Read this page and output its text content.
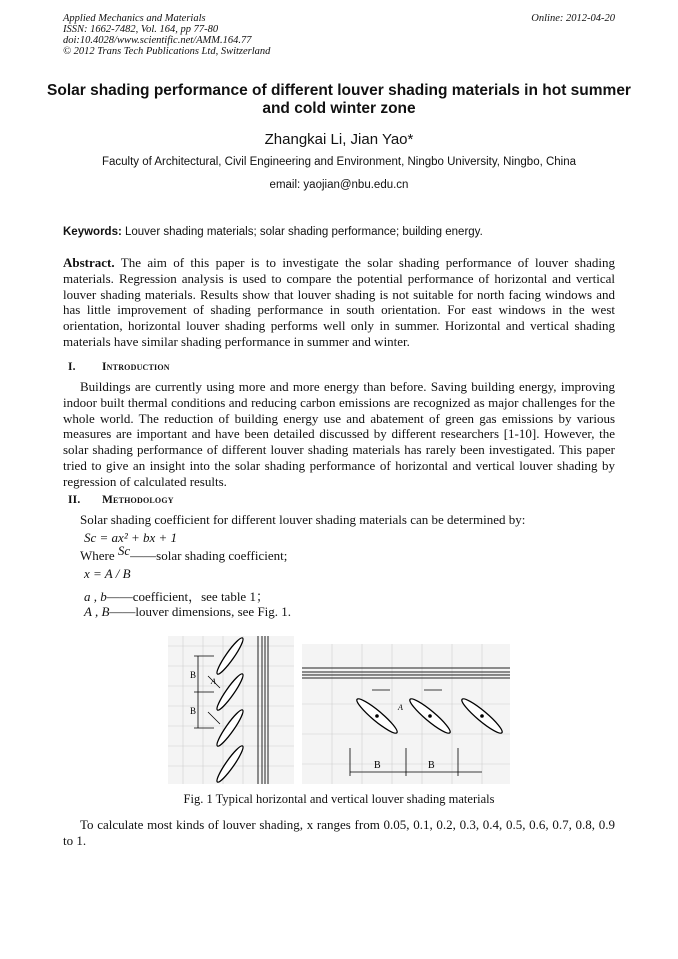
Applied Mechanics and Materials
ISSN: 1662-7482, Vol. 164, pp 77-80
doi:10.4028/www.scientific.net/AMM.164.77
© 2012 Trans Tech Publications Ltd, Switzerland
Online: 2012-04-20
Solar shading performance of different louver shading materials in hot summer and cold winter zone
Zhangkai Li, Jian Yao*
Faculty of Architectural, Civil Engineering and Environment, Ningbo University, Ningbo, China
email: yaojian@nbu.edu.cn
Keywords: Louver shading materials; solar shading performance; building energy.

Abstract. The aim of this paper is to investigate the solar shading performance of louver shading materials. Regression analysis is used to compare the potential performance of horizontal and vertical louver shading materials. Results show that louver shading is not suitable for north facing windows and has little improvement of shading performance in south orientation. For east windows in the west orientation, horizontal louver shading performs well only in summer. Horizontal and vertical shading materials have similar shading performance in summer and winter.

I. Introduction

Buildings are currently using more and more energy than before. Saving building energy, improving indoor built thermal conditions and reducing carbon emissions are recognized as major challenges for the whole world. The reduction of building energy use and abatement of green gas emissions by various measures are important and have been detailed discussed by different researchers [1-10]. However, the solar shading performance of different louver shading materials has rarely been investigated. This paper tried to give an insight into the solar shading performance of horizontal and vertical louver shading by regression of calculated results.

II. Methodology
Solar shading coefficient for different louver shading materials can be determined by:
Sc = ax² + bx + 1
Where Sc——solar shading coefficient;
x = A / B
a , b——coefficient，see table 1；
A , B——louver dimensions, see Fig. 1.
B
B
A
B	B
A
Fig. 1 Typical horizontal and vertical louver shading materials

To calculate most kinds of louver shading, x ranges from 0.05, 0.1, 0.2, 0.3, 0.4, 0.5, 0.6, 0.7, 0.8, 0.9 to 1.
